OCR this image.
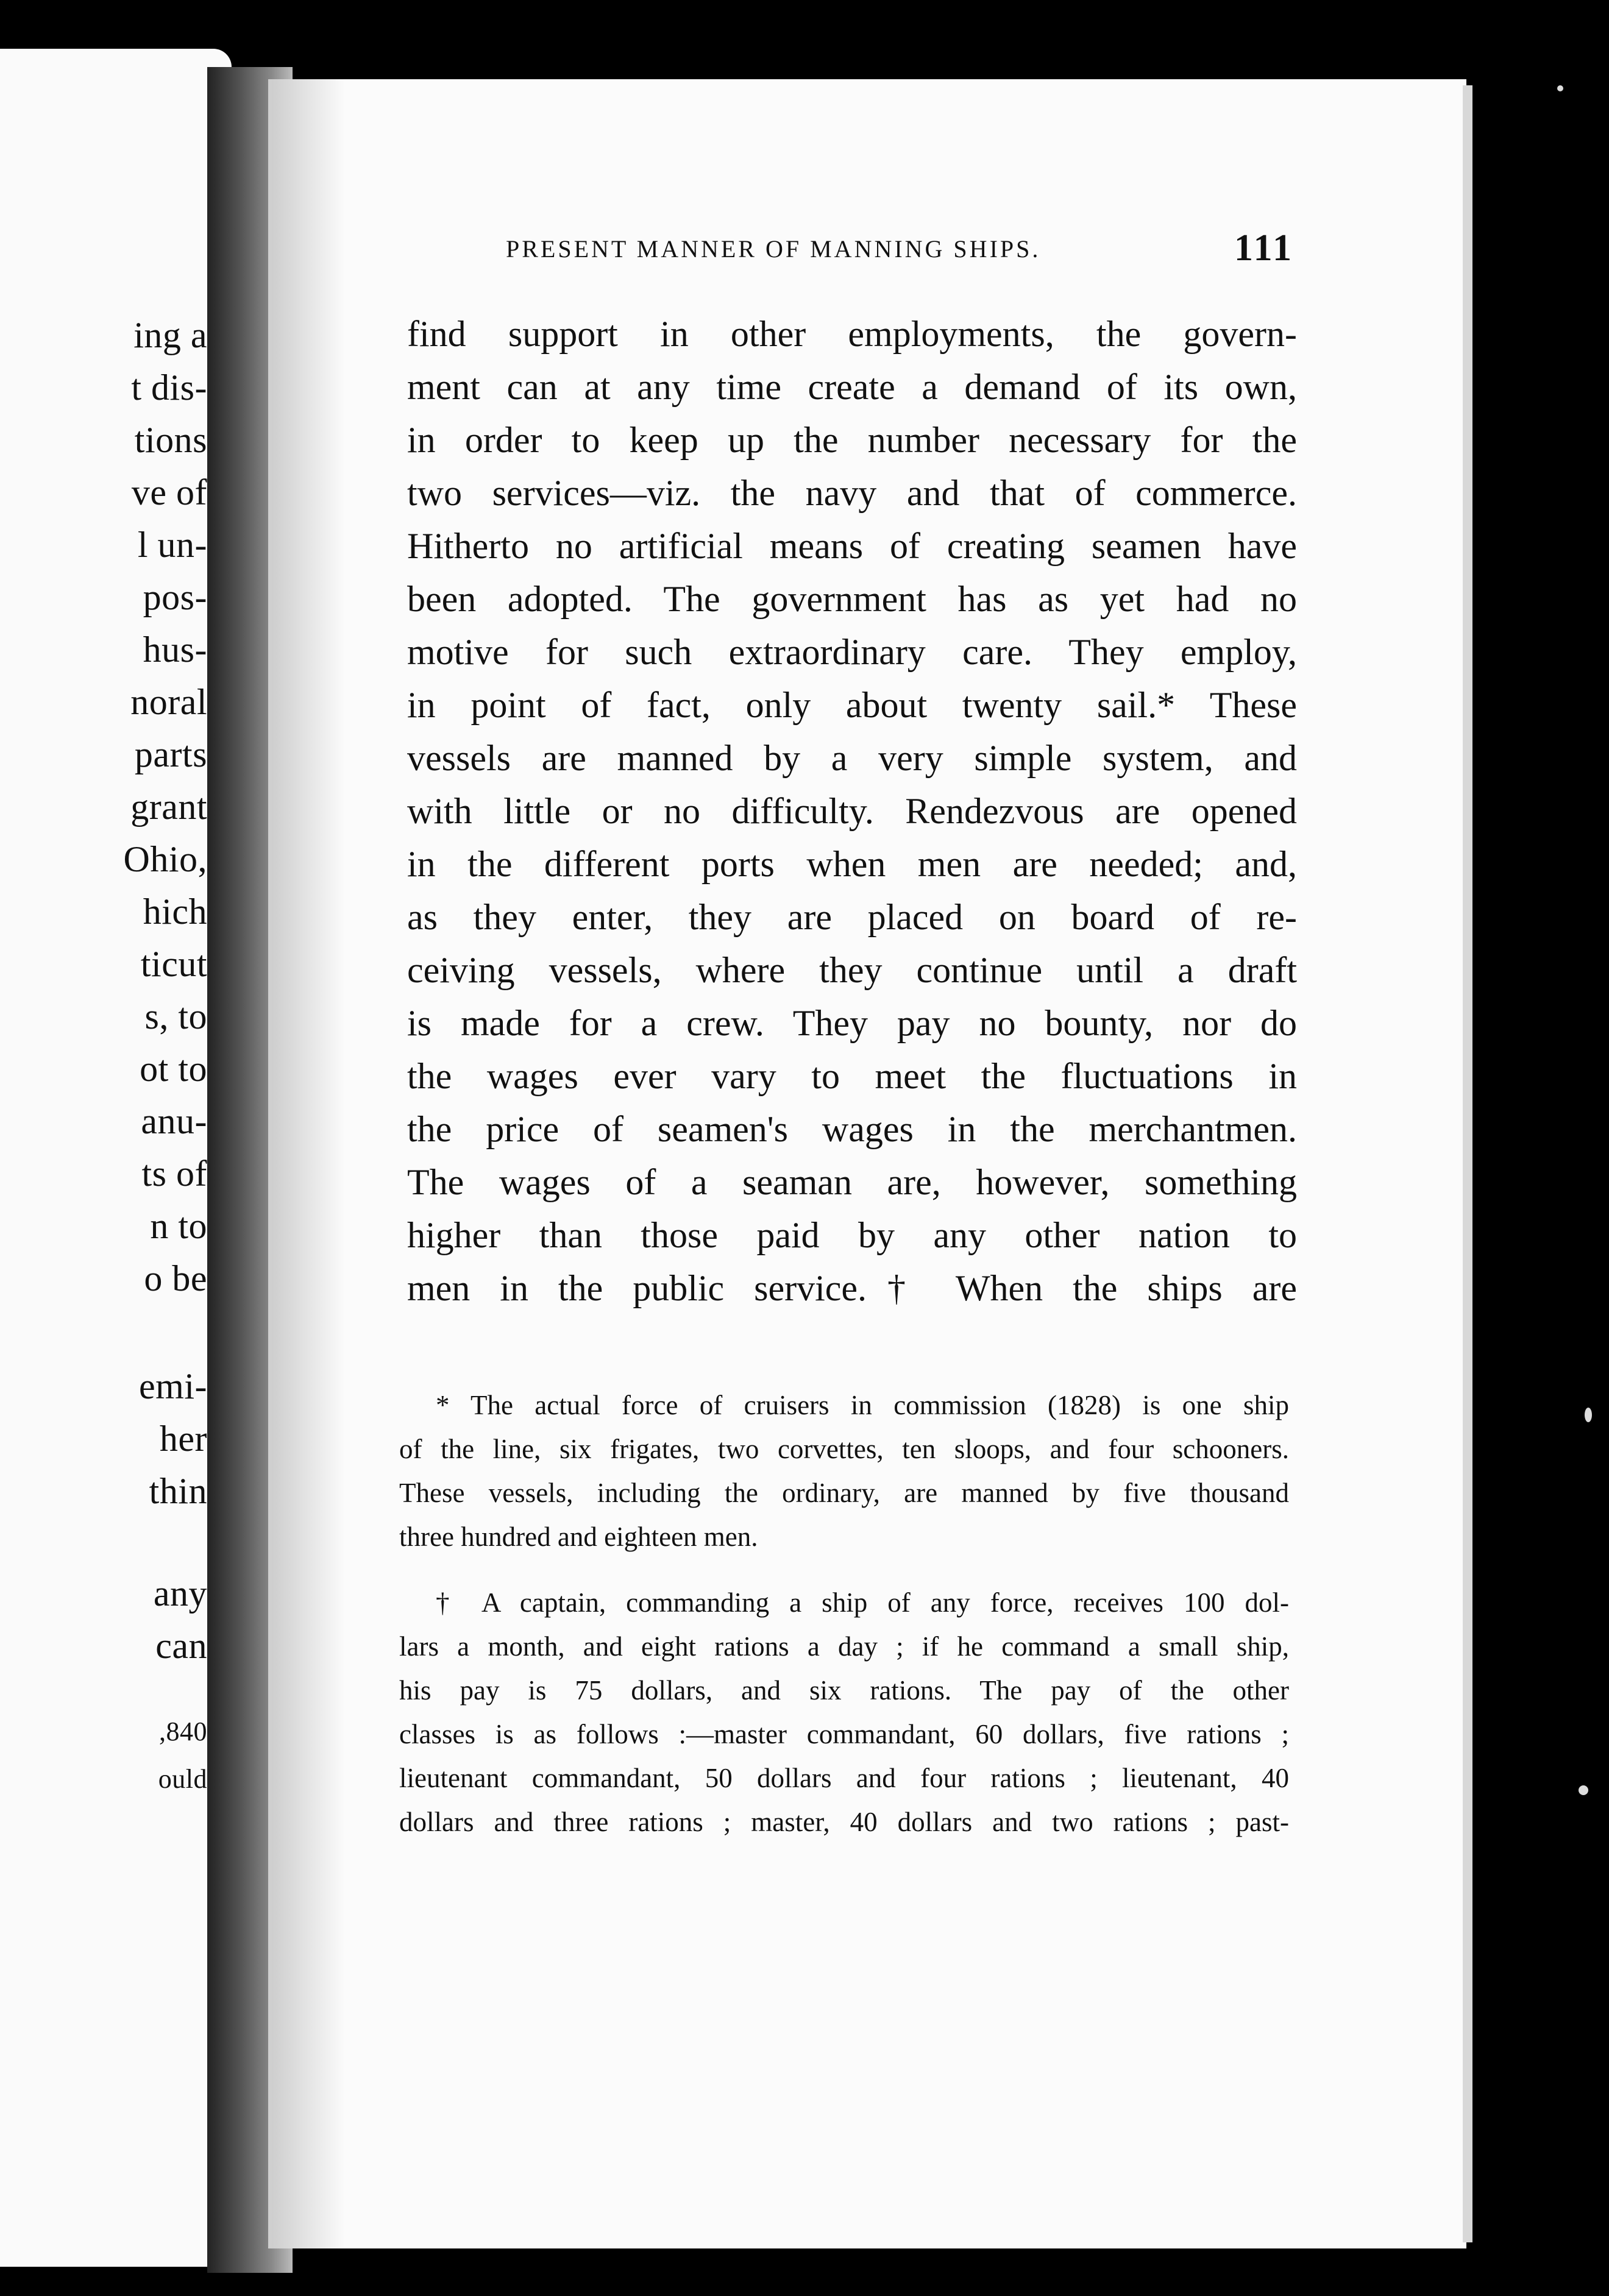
ing a
t dis-
tions
ve of
l un-
pos-
hus-
noral
parts
grant
Ohio,
hich
ticut
s, to
ot to
anu-
ts of
n to
o be
emi-
her
thin
any
can
,840
ould
PRESENT MANNER OF MANNING SHIPS.	111
find support in other employments, the govern-
ment can at any time create a demand of its own,
in order to keep up the number necessary for the
two services—viz. the navy and that of commerce.
Hitherto no artificial means of creating seamen have
been adopted. The government has as yet had no
motive for such extraordinary care. They employ,
in point of fact, only about twenty sail.* These
vessels are manned by a very simple system, and
with little or no difficulty. Rendezvous are opened
in the different ports when men are needed; and,
as they enter, they are placed on board of re-
ceiving vessels, where they continue until a draft
is made for a crew. They pay no bounty, nor do
the wages ever vary to meet the fluctuations in
the price of seamen's wages in the merchantmen.
The wages of a seaman are, however, something
higher than those paid by any other nation to
men in the public service.† When the ships are
* The actual force of cruisers in commission (1828) is one ship
of the line, six frigates, two corvettes, ten sloops, and four schooners.
These vessels, including the ordinary, are manned by five thousand
three hundred and eighteen men.
† A captain, commanding a ship of any force, receives 100 dol-
lars a month, and eight rations a day ; if he command a small ship,
his pay is 75 dollars, and six rations. The pay of the other
classes is as follows :—master commandant, 60 dollars, five rations ;
lieutenant commandant, 50 dollars and four rations ; lieutenant, 40
dollars and three rations ; master, 40 dollars and two rations ; past-
